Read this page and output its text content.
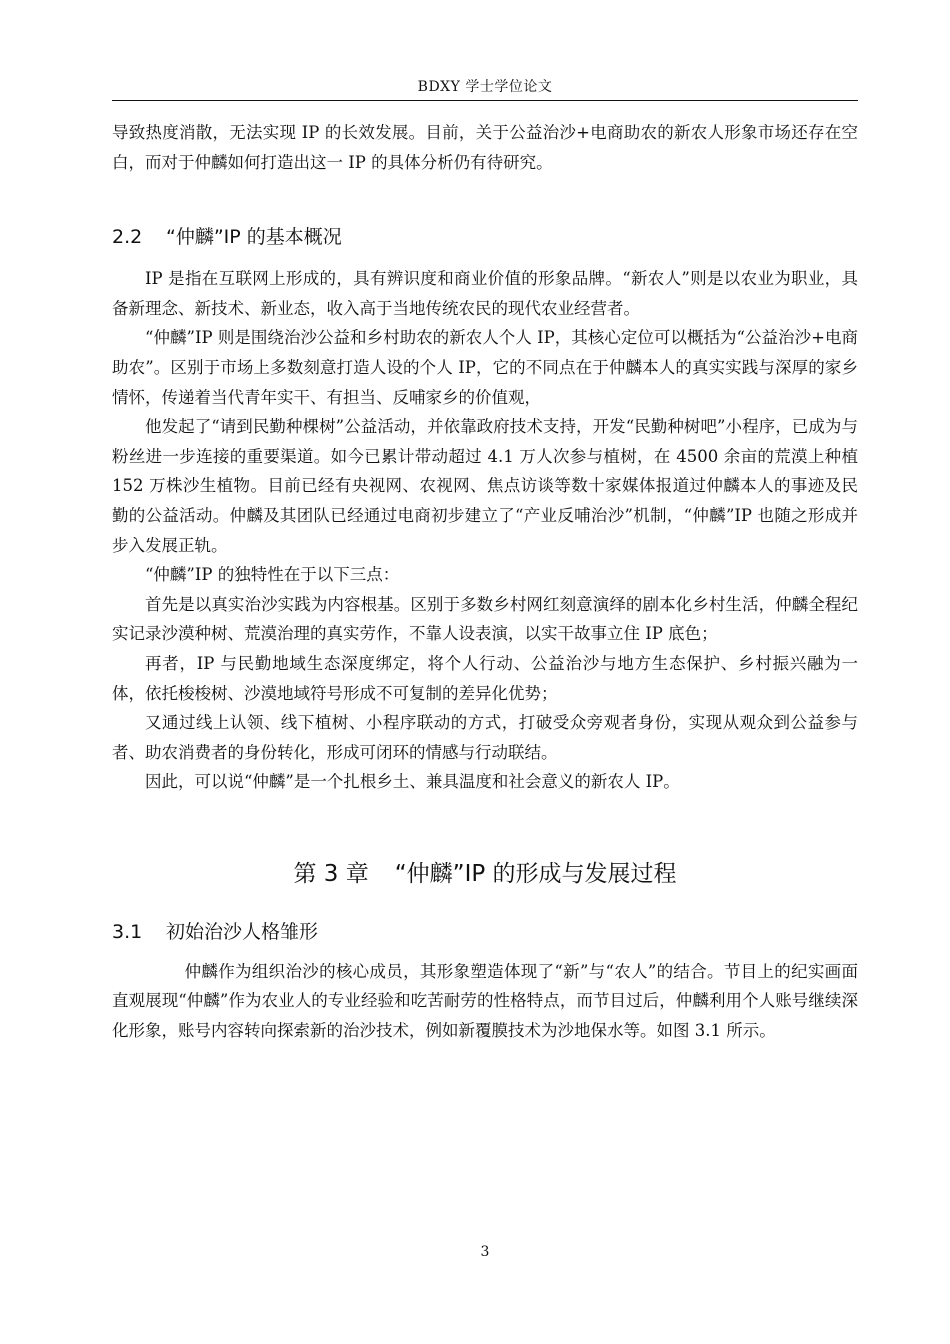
BDXY 学士学位论文

导致热度消散，无法实现 IP 的长效发展。目前，关于公益治沙+电商助农的新农人形象市场还存在空白，而对于仲麟如何打造出这一 IP 的具体分析仍有待研究。

2.2 “仲麟”IP 的基本概况

IP 是指在互联网上形成的，具有辨识度和商业价值的形象品牌。“新农人”则是以农业为职业，具备新理念、新技术、新业态，收入高于当地传统农民的现代农业经营者。

“仲麟”IP 则是围绕治沙公益和乡村助农的新农人个人 IP，其核心定位可以概括为“公益治沙+电商助农”。区别于市场上多数刻意打造人设的个人 IP，它的不同点在于仲麟本人的真实实践与深厚的家乡情怀，传递着当代青年实干、有担当、反哺家乡的价值观，

他发起了“请到民勤种棵树”公益活动，并依靠政府技术支持，开发“民勤种树吧”小程序，已成为与粉丝进一步连接的重要渠道。如今已累计带动超过 4.1 万人次参与植树，在 4500 余亩的荒漠上种植 152 万株沙生植物。目前已经有央视网、农视网、焦点访谈等数十家媒体报道过仲麟本人的事迹及民勤的公益活动。仲麟及其团队已经通过电商初步建立了“产业反哺治沙”机制，“仲麟”IP 也随之形成并步入发展正轨。

“仲麟”IP 的独特性在于以下三点：

首先是以真实治沙实践为内容根基。区别于多数乡村网红刻意演绎的剧本化乡村生活，仲麟全程纪实记录沙漠种树、荒漠治理的真实劳作，不靠人设表演，以实干故事立住 IP 底色；

再者，IP 与民勤地域生态深度绑定，将个人行动、公益治沙与地方生态保护、乡村振兴融为一体，依托梭梭树、沙漠地域符号形成不可复制的差异化优势；

又通过线上认领、线下植树、小程序联动的方式，打破受众旁观者身份，实现从观众到公益参与者、助农消费者的身份转化，形成可闭环的情感与行动联结。

因此，可以说“仲麟”是一个扎根乡土、兼具温度和社会意义的新农人 IP。

第 3 章 “仲麟”IP 的形成与发展过程
3.1 初始治沙人格雏形

仲麟作为组织治沙的核心成员，其形象塑造体现了“新”与“农人”的结合。节目上的纪实画面直观展现“仲麟”作为农业人的专业经验和吃苦耐劳的性格特点，而节目过后，仲麟利用个人账号继续深化形象，账号内容转向探索新的治沙技术，例如新覆膜技术为沙地保水等。如图 3.1 所示。

3
